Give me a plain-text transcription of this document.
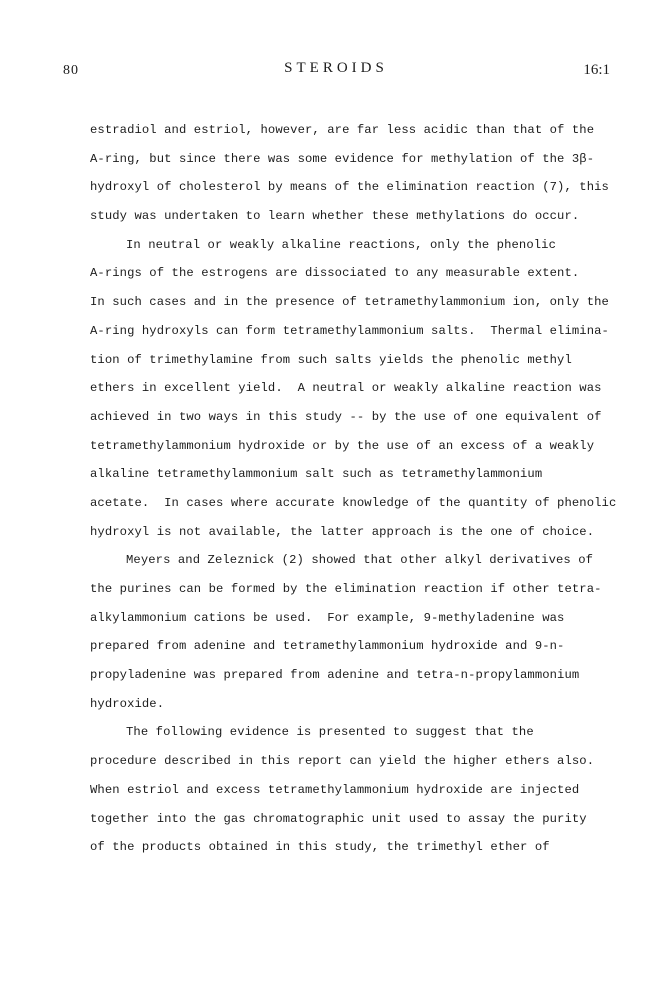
80	STEROIDS	16:1
estradiol and estriol, however, are far less acidic than that of the
A-ring, but since there was some evidence for methylation of the 3β-
hydroxyl of cholesterol by means of the elimination reaction (7), this
study was undertaken to learn whether these methylations do occur.
In neutral or weakly alkaline reactions, only the phenolic
A-rings of the estrogens are dissociated to any measurable extent.
In such cases and in the presence of tetramethylammonium ion, only the
A-ring hydroxyls can form tetramethylammonium salts.  Thermal elimina-
tion of trimethylamine from such salts yields the phenolic methyl
ethers in excellent yield.  A neutral or weakly alkaline reaction was
achieved in two ways in this study -- by the use of one equivalent of
tetramethylammonium hydroxide or by the use of an excess of a weakly
alkaline tetramethylammonium salt such as tetramethylammonium
acetate.  In cases where accurate knowledge of the quantity of phenolic
hydroxyl is not available, the latter approach is the one of choice.
Meyers and Zeleznick (2) showed that other alkyl derivatives of
the purines can be formed by the elimination reaction if other tetra-
alkylammonium cations be used.  For example, 9-methyladenine was
prepared from adenine and tetramethylammonium hydroxide and 9-n-
propyladenine was prepared from adenine and tetra-n-propylammonium
hydroxide.
The following evidence is presented to suggest that the
procedure described in this report can yield the higher ethers also.
When estriol and excess tetramethylammonium hydroxide are injected
together into the gas chromatographic unit used to assay the purity
of the products obtained in this study, the trimethyl ether of
